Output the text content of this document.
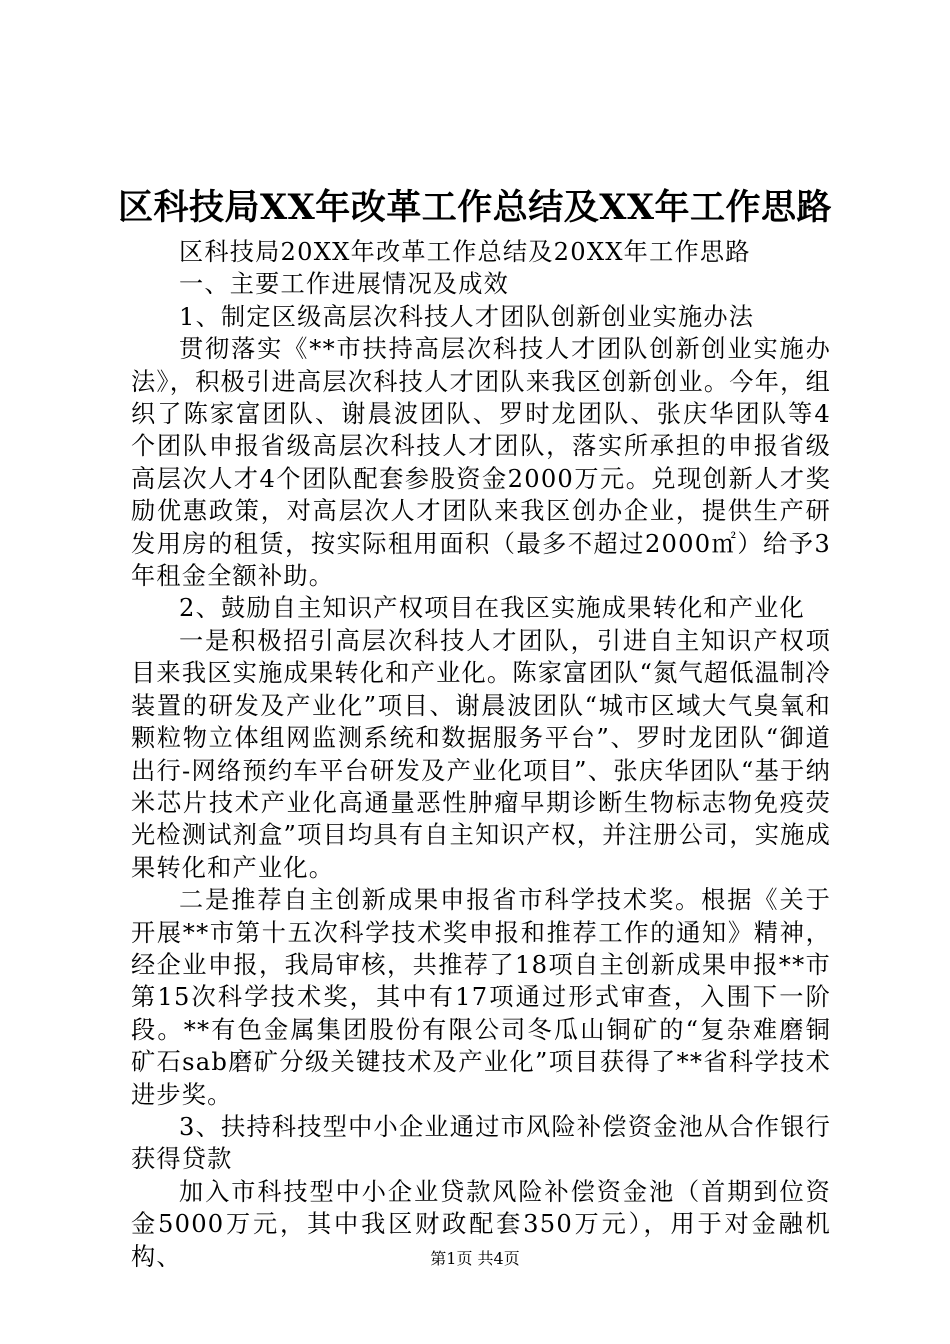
区科技局XX年改革工作总结及XX年工作思路

区科技局20XX年改革工作总结及20XX年工作思路

一、主要工作进展情况及成效

1、制定区级高层次科技人才团队创新创业实施办法

贯彻落实《**市扶持高层次科技人才团队创新创业实施办法》，积极引进高层次科技人才团队来我区创新创业。今年，组织了陈家富团队、谢晨波团队、罗时龙团队、张庆华团队等4个团队申报省级高层次科技人才团队，落实所承担的申报省级高层次人才4个团队配套参股资金2000万元。兑现创新人才奖励优惠政策，对高层次人才团队来我区创办企业，提供生产研发用房的租赁，按实际租用面积（最多不超过2000㎡）给予3年租金全额补助。

2、鼓励自主知识产权项目在我区实施成果转化和产业化

一是积极招引高层次科技人才团队，引进自主知识产权项目来我区实施成果转化和产业化。陈家富团队“氮气超低温制冷装置的研发及产业化”项目、谢晨波团队“城市区域大气臭氧和颗粒物立体组网监测系统和数据服务平台”、罗时龙团队“御道出行-网络预约车平台研发及产业化项目”、张庆华团队“基于纳米芯片技术产业化高通量恶性肿瘤早期诊断生物标志物免疫荧光检测试剂盒”项目均具有自主知识产权，并注册公司，实施成果转化和产业化。

二是推荐自主创新成果申报省市科学技术奖。根据《关于开展**市第十五次科学技术奖申报和推荐工作的通知》精神，经企业申报，我局审核，共推荐了18项自主创新成果申报**市第15次科学技术奖，其中有17项通过形式审查，入围下一阶段。**有色金属集团股份有限公司冬瓜山铜矿的“复杂难磨铜矿石sab磨矿分级关键技术及产业化”项目获得了**省科学技术进步奖。

3、扶持科技型中小企业通过市风险补偿资金池从合作银行获得贷款

加入市科技型中小企业贷款风险补偿资金池（首期到位资金5000万元，其中我区财政配套350万元），用于对金融机构、	第1页 共4页
